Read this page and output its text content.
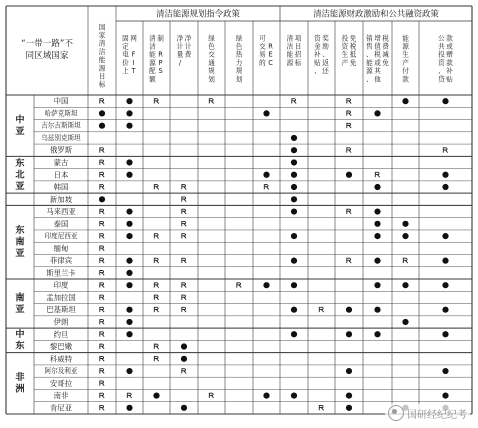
“一带一路”不
同区域国家
清洁能源规划指令政策	清洁能源财政激励和公共融资政策
国
家
清
洁
能
源
目
标
固
定
电
价
上
网
F
I
T
清
洁
能
源
配
额
制
R
P
S
净
计
量
/
净
计
费
绿
色
交
通
规
划
绿
色
热
力
规
划
可
交
易
的
R
E
C
清
洁
能
源
项
目
招
标
资
金
补
贴
、
奖
励
、
返
还
投
资
生
产
免
税
抵
免
销
售
、
能
源
、
增
值
税
或
其
他
税
费
减
免
能
源
生
产
付
款
公
共
投
资
、
贷
款
或
赠
款
补
贴
中
亚
东
北
亚
东
南
亚
南
亚
中
东
非
洲
中国
哈萨克斯坦
吉尔吉斯斯坦
乌兹别克斯坦
俄罗斯
蒙古
日本
韩国
新加坡
马来西亚
泰国
印度尼西亚
缅甸
菲律宾
斯里兰卡
印度
孟加拉国
巴基斯坦
伊朗
约旦
黎巴嫩
科威特
阿尔及利亚
安哥拉
南非
肯尼亚
国研经纪纪考
